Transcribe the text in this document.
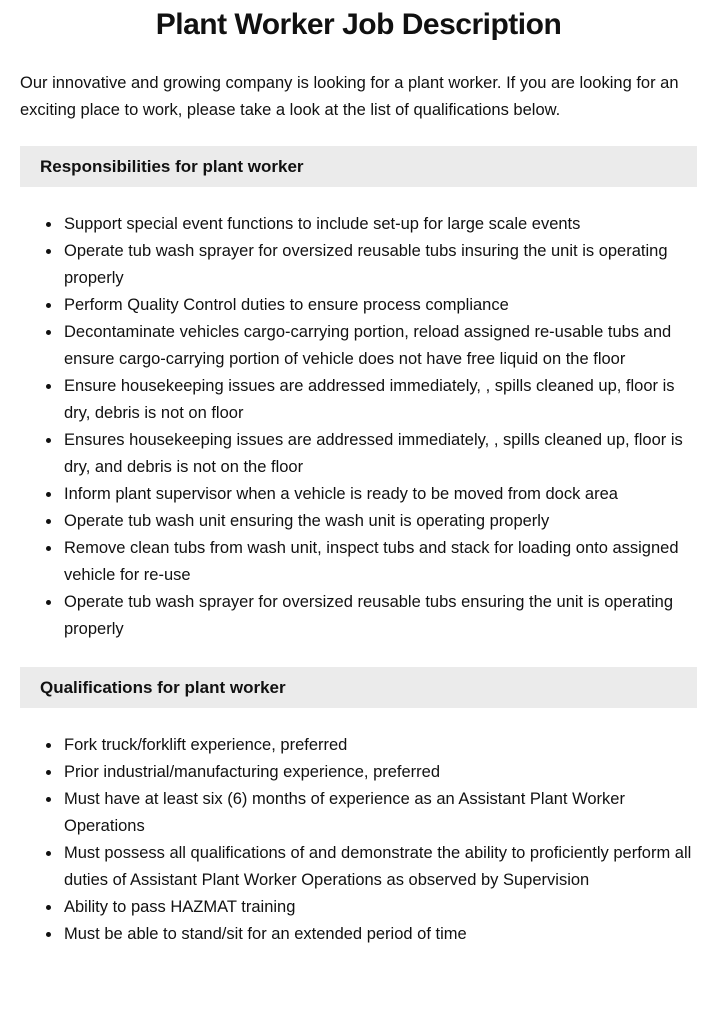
Plant Worker Job Description

Our innovative and growing company is looking for a plant worker. If you are looking for an exciting place to work, please take a look at the list of qualifications below.

Responsibilities for plant worker
• Support special event functions to include set-up for large scale events
• Operate tub wash sprayer for oversized reusable tubs insuring the unit is operating properly
• Perform Quality Control duties to ensure process compliance
• Decontaminate vehicles cargo-carrying portion, reload assigned re-usable tubs and ensure cargo-carrying portion of vehicle does not have free liquid on the floor
• Ensure housekeeping issues are addressed immediately, , spills cleaned up, floor is dry, debris is not on floor
• Ensures housekeeping issues are addressed immediately, , spills cleaned up, floor is dry, and debris is not on the floor
• Inform plant supervisor when a vehicle is ready to be moved from dock area
• Operate tub wash unit ensuring the wash unit is operating properly
• Remove clean tubs from wash unit, inspect tubs and stack for loading onto assigned vehicle for re-use
• Operate tub wash sprayer for oversized reusable tubs ensuring the unit is operating properly
Qualifications for plant worker
• Fork truck/forklift experience, preferred
• Prior industrial/manufacturing experience, preferred
• Must have at least six (6) months of experience as an Assistant Plant Worker Operations
• Must possess all qualifications of and demonstrate the ability to proficiently perform all duties of Assistant Plant Worker Operations as observed by Supervision
• Ability to pass HAZMAT training
• Must be able to stand/sit for an extended period of time
